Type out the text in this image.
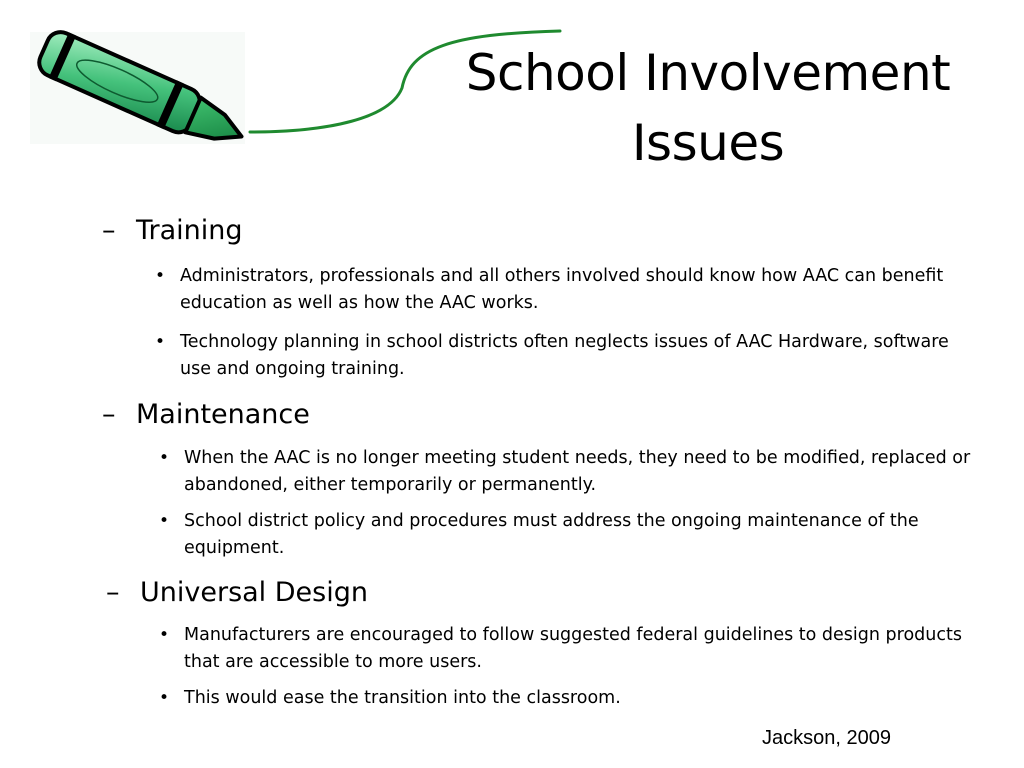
School Involvement Issues
– Training
• Administrators, professionals and all others involved should know how AAC can benefit education as well as how the AAC works.
• Technology planning in school districts often neglects issues of AAC Hardware, software use and ongoing training.
– Maintenance
• When the AAC is no longer meeting student needs, they need to be modified, replaced or abandoned, either temporarily or permanently.
• School district policy and procedures must address the ongoing maintenance of the equipment.
– Universal Design
• Manufacturers are encouraged to follow suggested federal guidelines to design products that are accessible to more users.
• This would ease the transition into the classroom.
Jackson, 2009
